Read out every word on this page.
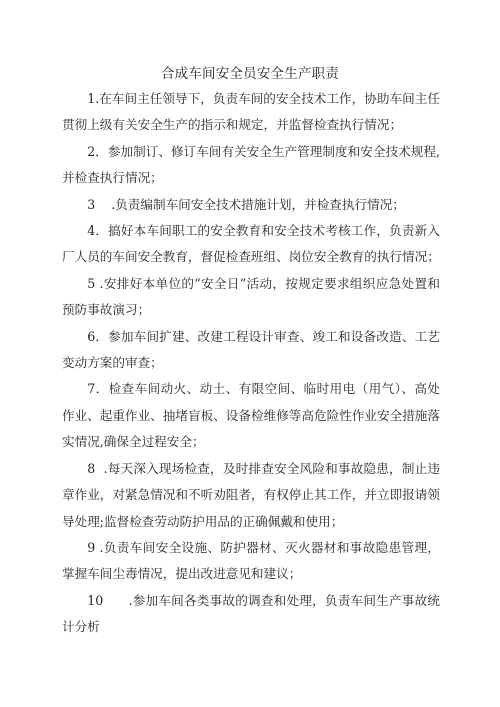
合成车间安全员安全生产职责

1.在车间主任领导下，负责车间的安全技术工作，协助车间主任贯彻上级有关安全生产的指示和规定，并监督检查执行情况；

2．参加制订、修订车间有关安全生产管理制度和安全技术规程,并检查执行情况；

3    .负责编制车间安全技术措施计划，并检查执行情况；

4．搞好本车间职工的安全教育和安全技术考核工作，负责新入厂人员的车间安全教育，督促检查班组、岗位安全教育的执行情况；

5 .安排好本单位的“安全日”活动，按规定要求组织应急处置和预防事故演习；

6．参加车间扩建、改建工程设计审查、竣工和设备改造、工艺变动方案的审查；

7．检查车间动火、动土、有限空间、临时用电（用气）、高处作业、起重作业、抽堵盲板、设备检维修等高危险性作业安全措施落实情况,确保全过程安全；

8  .每天深入现场检查，及时排查安全风险和事故隐患，制止违章作业，对紧急情况和不听劝阻者，有权停止其工作，并立即报请领导处理;监督检查劳动防护用品的正确佩戴和使用；

9 .负责车间安全设施、防护器材、灭火器材和事故隐患管理，掌握车间尘毒情况，提出改进意见和建议；

10      .参加车间各类事故的调查和处理，负责车间生产事故统计分析
